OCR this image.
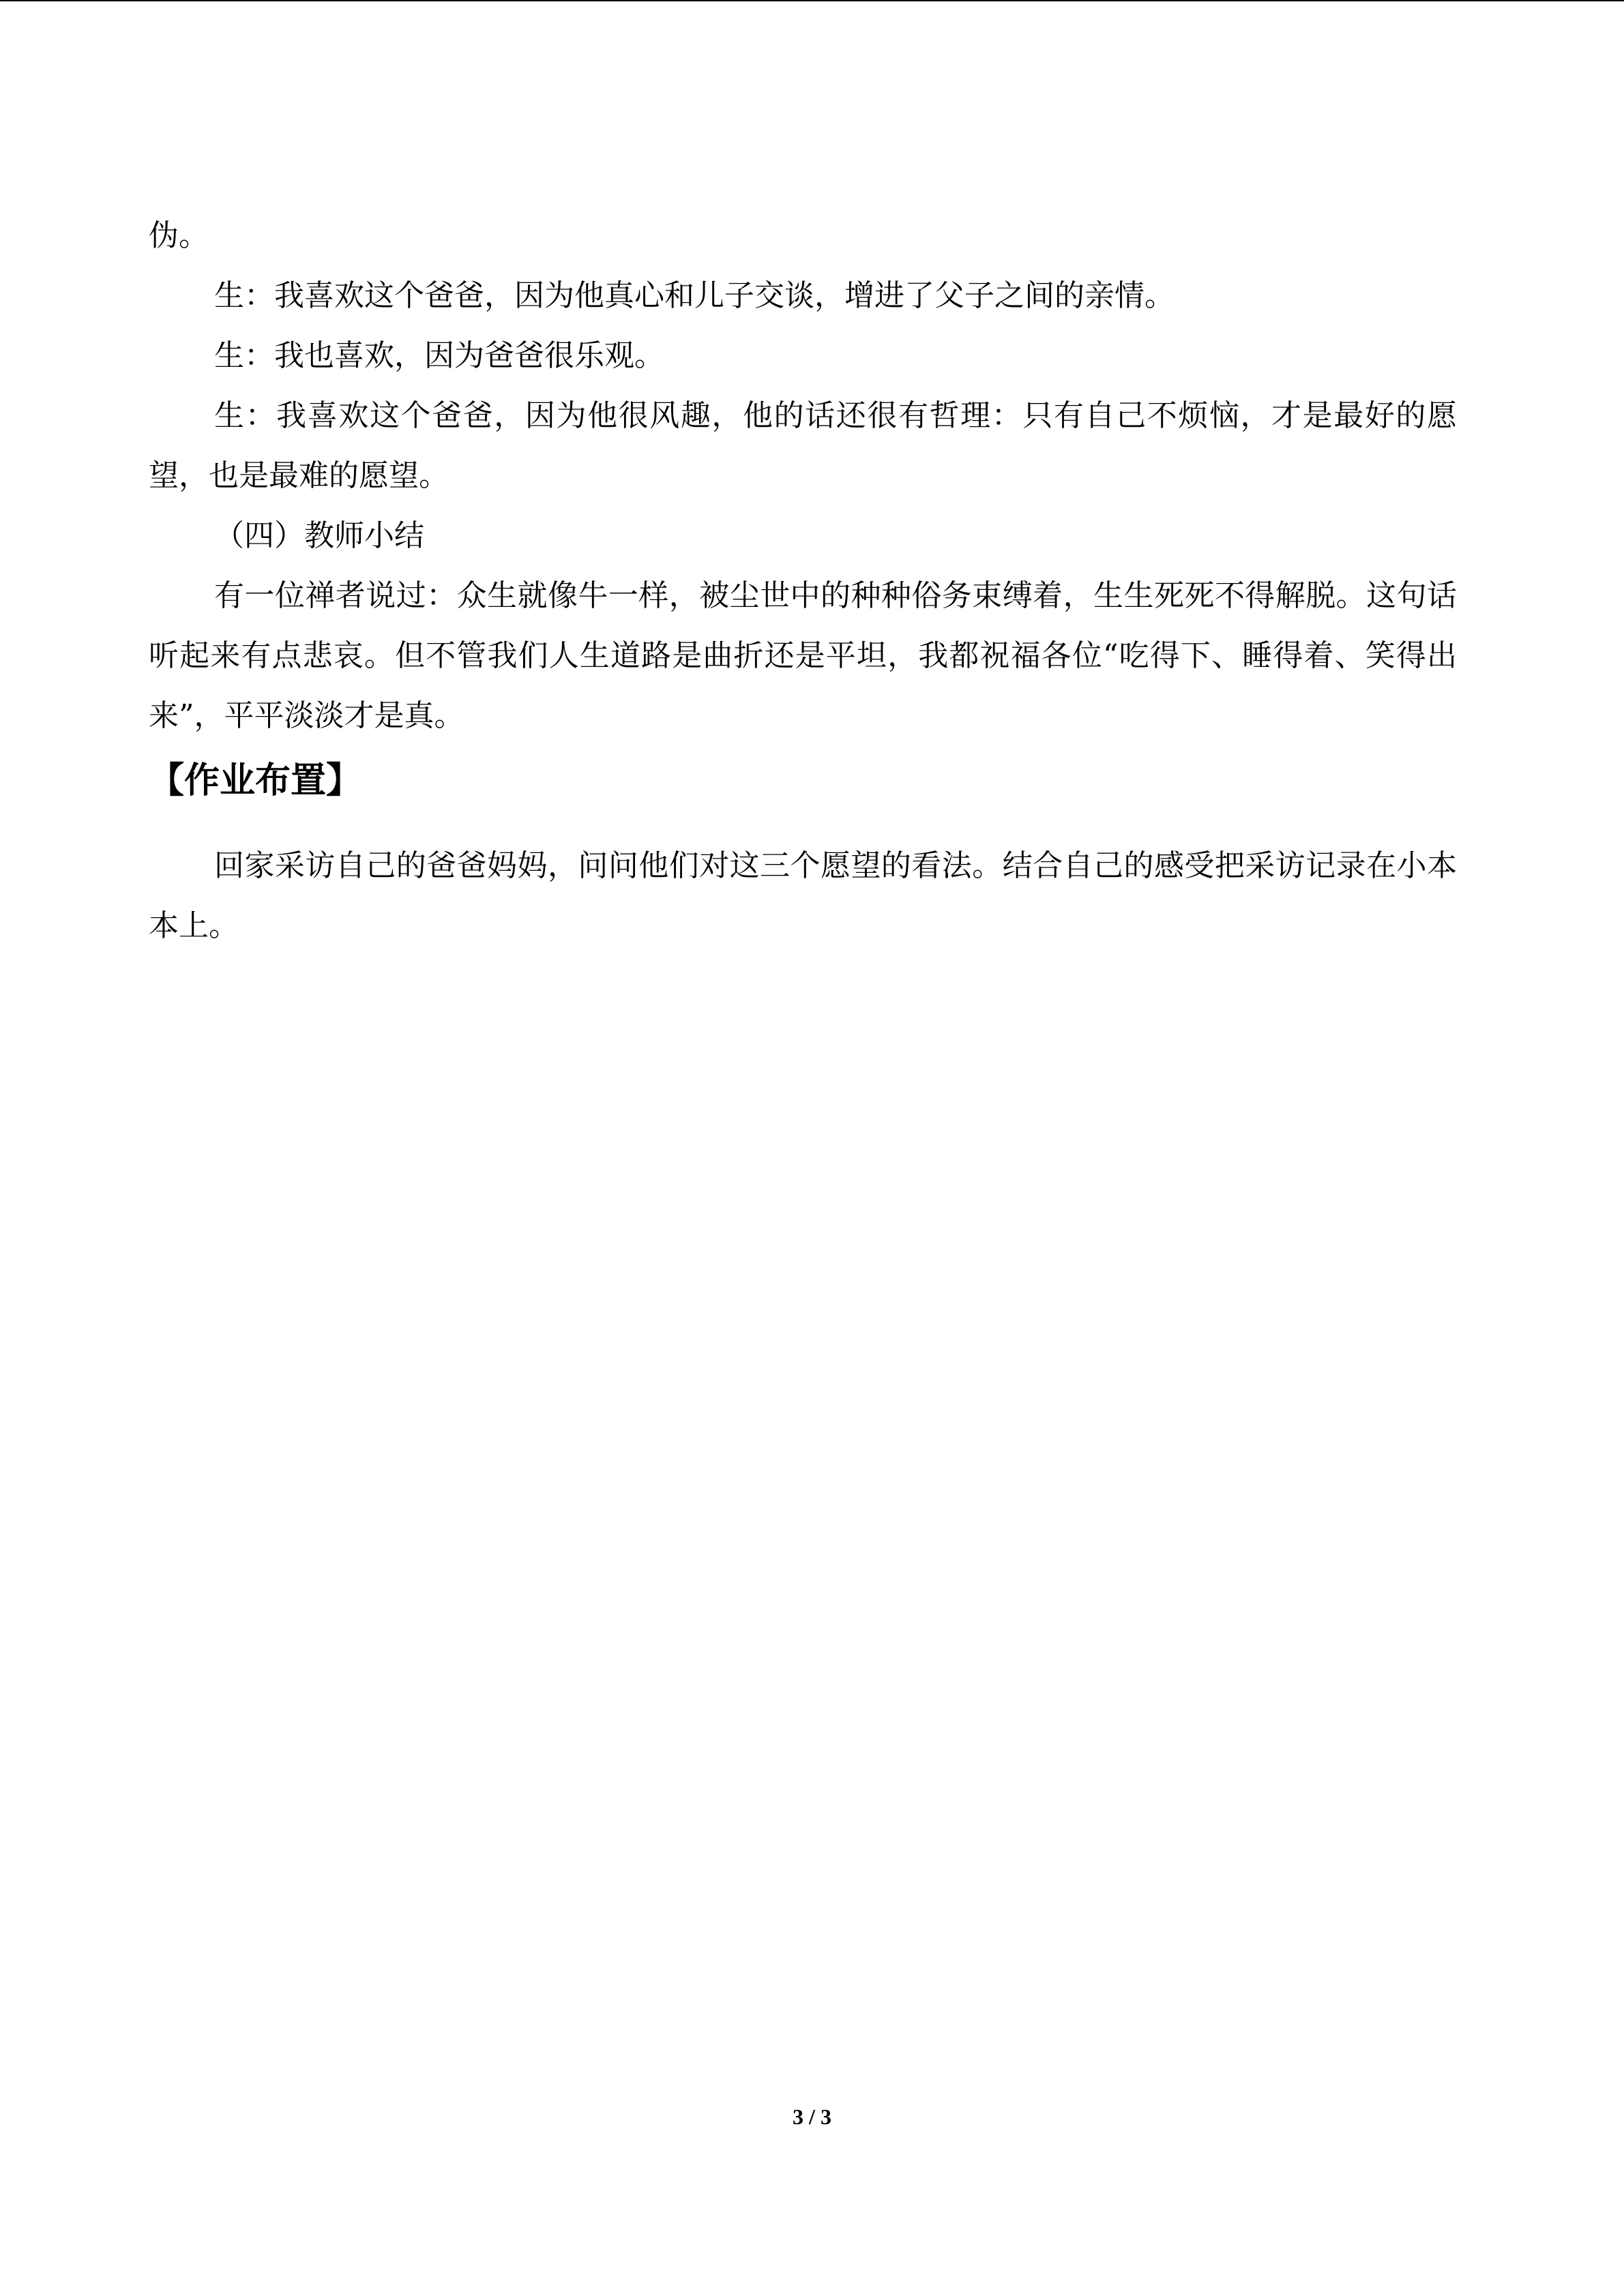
伪。

生：我喜欢这个爸爸，因为他真心和儿子交谈，增进了父子之间的亲情。

生：我也喜欢，因为爸爸很乐观。

生：我喜欢这个爸爸，因为他很风趣，他的话还很有哲理：只有自己不烦恼，才是最好的愿望，也是最难的愿望。

（四）教师小结

有一位禅者说过：众生就像牛一样，被尘世中的种种俗务束缚着，生生死死不得解脱。这句话听起来有点悲哀。但不管我们人生道路是曲折还是平坦，我都祝福各位“吃得下、睡得着、笑得出来”，平平淡淡才是真。

【作业布置】

回家采访自己的爸爸妈妈，问问他们对这三个愿望的看法。结合自己的感受把采访记录在小本本上。

3 / 3
